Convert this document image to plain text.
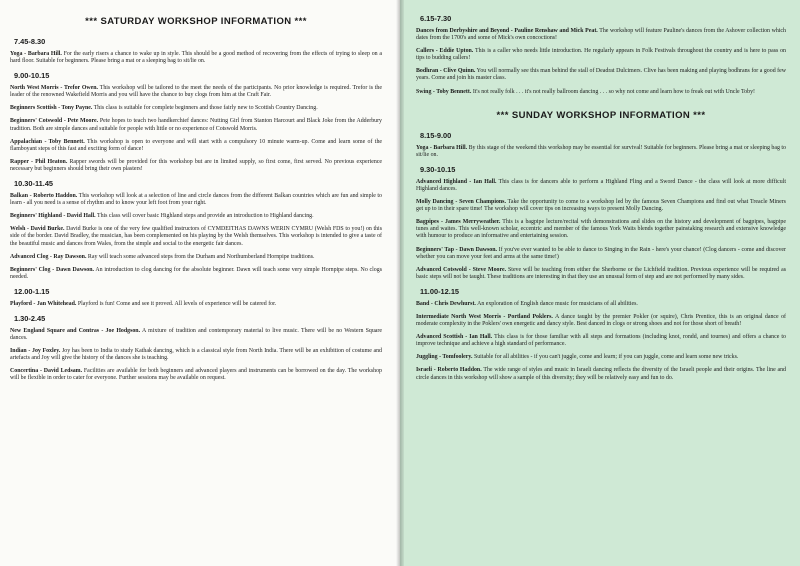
*** SATURDAY WORKSHOP INFORMATION ***
7.45-8.30
Yoga - Barbara Hill. For the early risers a chance to wake up in style. This should be a good method of recovering from the effects of trying to sleep on a hard floor. Suitable for beginners. Please bring a mat or a sleeping bag to sit/lie on.
9.00-10.15
North West Morris - Trefor Owen. This workshop will be tailored to the meet the needs of the participants. No prior knowledge is required. Trefor is the leader of the renowned Wakefield Morris and you will have the chance to buy clogs from him at the Craft Fair.
Beginners Scottish - Tony Payne. This class is suitable for complete beginners and those fairly new to Scottish Country Dancing.
Beginners' Cotswold - Pete Moore. Pete hopes to teach two handkerchief dances: Nutting Girl from Stanton Harcourt and Black Joke from the Adderbury tradition. Both are simple dances and suitable for people with little or no experience of Cotswold Morris.
Appalachian - Toby Bennett. This workshop is open to everyone and will start with a compulsory 10 minute warm-up. Come and learn some of the flamboyant steps of this fast and exciting form of dance!
Rapper - Phil Heaton. Rapper swords will be provided for this workshop but are in limited supply, so first come, first served. No previous experience necessary but beginners should bring their own plasters!
10.30-11.45
Balkan - Roberto Haddon. This workshop will look at a selection of line and circle dances from the different Balkan countries which are fun and simple to learn - all you need is a sense of rhythm and to know your left foot from your right.
Beginners' Highland - David Hall. This class will cover basic Highland steps and provide an introduction to Highland dancing.
Welsh - David Burke. David Burke is one of the very few qualified instructors of CYMDEITHAS DAWNS WERIN CYMRU (Welsh FDS to you!) on this side of the border. David Bradley, the musician, has been complemented on his playing by the Welsh themselves. This workshop is intended to give a taste of the beautiful music and dances from Wales, from the simple and social to the energetic fair dances.
Advanced Clog - Ray Dawson. Ray will teach some advanced steps from the Durham and Northumberland Hornpipe traditions.
Beginners' Clog - Dawn Dawson. An introduction to clog dancing for the absolute beginner. Dawn will teach some very simple Hornpipe steps. No clogs needed.
12.00-1.15
Playford - Jan Whitehead. Playford is fun! Come and see it proved. All levels of experience will be catered for.
1.30-2.45
New England Square and Contras - Joe Hodgson. A mixture of tradition and contemporary material to live music. There will be no Western Square dances.
Indian - Joy Foxley. Joy has been to India to study Kathak dancing, which is a classical style from North India. There will be an exhibition of costume and artefacts and Joy will give the history of the dances she is teaching.
Concertina - David Ledsam. Facilities are available for both beginners and advanced players and instruments can be borrowed on the day. The workshop will be flexible in order to cater for everyone. Further sessions may be available on request.
6.15-7.30
Dances from Derbyshire and Beyond - Pauline Renshaw and Mick Peat. The workshop will feature Pauline's dances from the Ashover collection which dates from the 1700's and some of Mick's own concoctions!
Callers - Eddie Upton. This is a caller who needs little introduction. He regularly appears in Folk Festivals throughout the country and is here to pass on tips to budding callers!
Bodhran - Clive Quinn. You will normally see this man behind the stall of Deadrat Dulcimers. Clive has been making and playing bodhrans for a good few years. Come and join his master class.
Swing - Toby Bennett. It's not really folk . . . it's not really ballroom dancing . . . so why not come and learn how to freak out with Uncle Toby!
*** SUNDAY WORKSHOP INFORMATION ***
8.15-9.00
Yoga - Barbara Hill. By this stage of the weekend this workshop may be essential for survival! Suitable for beginners. Please bring a mat or sleeping bag to sit/lie on.
9.30-10.15
Advanced Highland - Ian Hall. This class is for dancers able to perform a Highland Fling and a Sword Dance - the class will look at more difficult Highland dances.
Molly Dancing - Seven Champions. Take the opportunity to come to a workshop led by the famous Seven Champions and find out what Treacle Miners get up to in their spare time! The workshop will cover tips on increasing ways to present Molly Dancing.
Bagpipes - James Merryweather. This is a bagpipe lecture/recital with demonstrations and slides on the history and development of bagpipes, bagpipe tunes and waites. This well-known scholar, eccentric and member of the famous York Waits blends together painstaking research and extensive knowledge with humour to produce an informative and entertaining session.
Beginners' Tap - Dawn Dawson. If you've ever wanted to be able to dance to Singing in the Rain - here's your chance! (Clog dancers - come and discover whether you can move your feet and arms at the same time!)
Advanced Cotswold - Steve Moore. Steve will be teaching from either the Sherborne or the Lichfield tradition. Previous experience will be required as basic steps will not be taught. These traditions are interesting in that they use an unusual form of step and are not performed by many sides.
11.00-12.15
Band - Chris Dewhurst. An exploration of English dance music for musicians of all abilities.
Intermediate North West Morris - Portland Poklers. A dance taught by the premier Pokler (or squire), Chris Prentice, this is an original dance of moderate complexity in the Poklers' own energetic and dancy style. Best danced in clogs or strong shoes and not for those short of breath!
Advanced Scottish - Ian Hall. This class is for those familiar with all steps and formations (including knot, rondd, and tournes) and offers a chance to improve technique and achieve a high standard of performance.
Juggling - Tomfoolery. Suitable for all abilities - if you can't juggle, come and learn; if you can juggle, come and learn some new tricks.
Israeli - Roberto Haddon. The wide range of styles and music in Israeli dancing reflects the diversity of the Israeli people and their origins. The line and circle dances in this workshop will show a sample of this diversity; they will be relatively easy and fun to do.
